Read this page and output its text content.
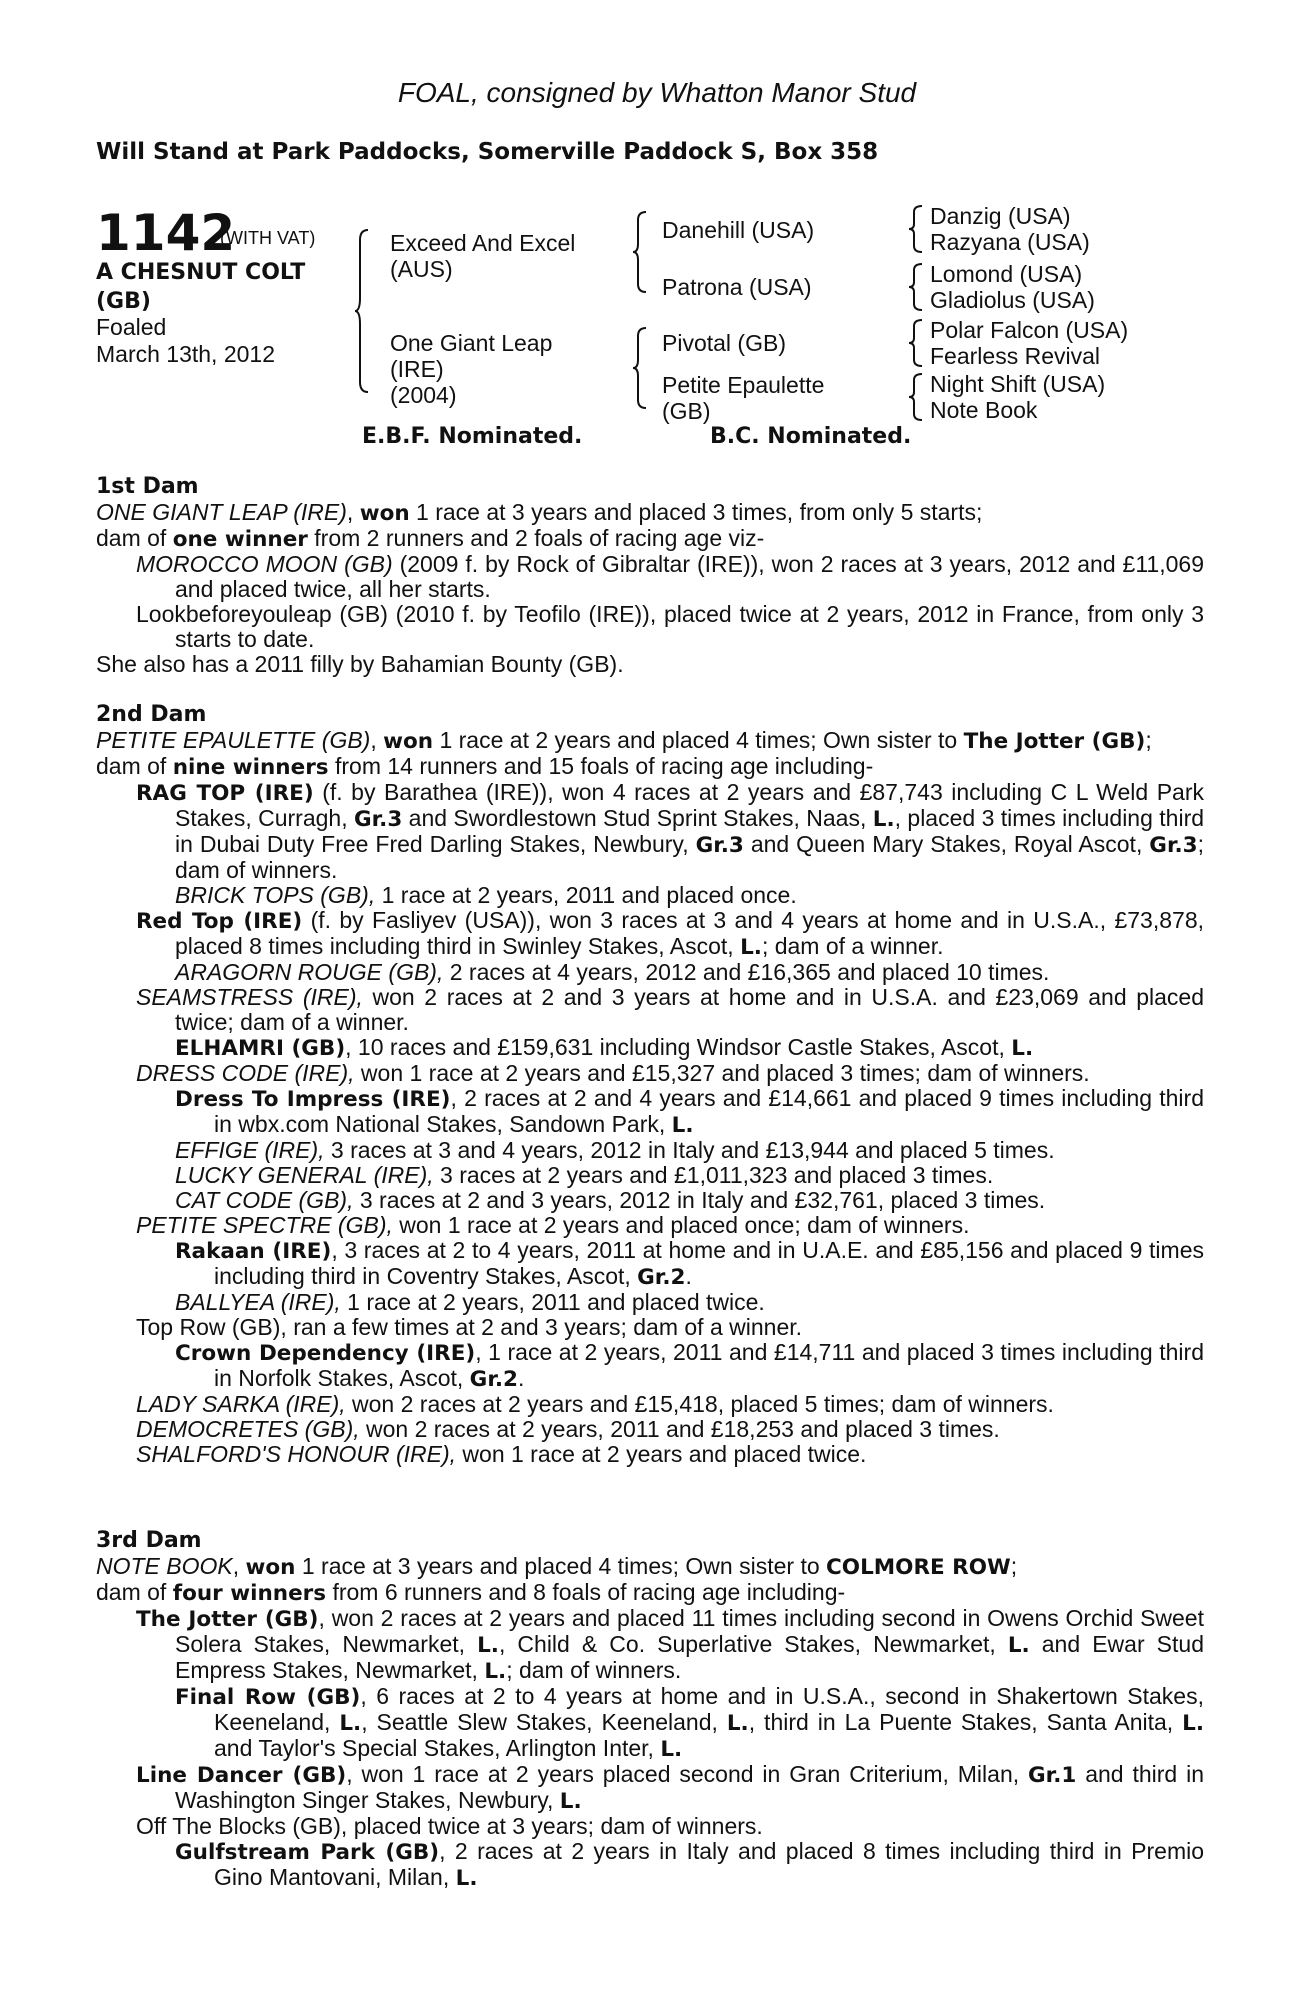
FOAL, consigned by Whatton Manor Stud
Will Stand at Park Paddocks, Somerville Paddock S, Box 358
1142
(WITH VAT)
A CHESNUT COLT
(GB)
Foaled
March 13th, 2012
Exceed And Excel
(AUS)
One Giant Leap
(IRE)
(2004)
Danehill (USA)
Patrona (USA)
Pivotal (GB)
Petite Epaulette
(GB)
Danzig (USA)
Razyana (USA)
Lomond (USA)
Gladiolus (USA)
Polar Falcon (USA)
Fearless Revival
Night Shift (USA)
Note Book
E.B.F. Nominated.	B.C. Nominated.
1st Dam
ONE GIANT LEAP (IRE), won 1 race at 3 years and placed 3 times, from only 5 starts;
dam of one winner from 2 runners and 2 foals of racing age viz-
MOROCCO MOON (GB) (2009 f. by Rock of Gibraltar (IRE)), won 2 races at 3 years, 2012 and £11,069 and placed twice, all her starts.
Lookbeforeyouleap (GB) (2010 f. by Teofilo (IRE)), placed twice at 2 years, 2012 in France, from only 3 starts to date.
She also has a 2011 filly by Bahamian Bounty (GB).
2nd Dam
PETITE EPAULETTE (GB), won 1 race at 2 years and placed 4 times; Own sister to The Jotter (GB);
dam of nine winners from 14 runners and 15 foals of racing age including-
RAG TOP (IRE) (f. by Barathea (IRE)), won 4 races at 2 years and £87,743 including C L Weld Park Stakes, Curragh, Gr.3 and Swordlestown Stud Sprint Stakes, Naas, L., placed 3 times including third in Dubai Duty Free Fred Darling Stakes, Newbury, Gr.3 and Queen Mary Stakes, Royal Ascot, Gr.3; dam of winners.
BRICK TOPS (GB), 1 race at 2 years, 2011 and placed once.
Red Top (IRE) (f. by Fasliyev (USA)), won 3 races at 3 and 4 years at home and in U.S.A., £73,878, placed 8 times including third in Swinley Stakes, Ascot, L.; dam of a winner.
ARAGORN ROUGE (GB), 2 races at 4 years, 2012 and £16,365 and placed 10 times.
SEAMSTRESS (IRE), won 2 races at 2 and 3 years at home and in U.S.A. and £23,069 and placed twice; dam of a winner.
ELHAMRI (GB), 10 races and £159,631 including Windsor Castle Stakes, Ascot, L.
DRESS CODE (IRE), won 1 race at 2 years and £15,327 and placed 3 times; dam of winners.
Dress To Impress (IRE), 2 races at 2 and 4 years and £14,661 and placed 9 times including third in wbx.com National Stakes, Sandown Park, L.
EFFIGE (IRE), 3 races at 3 and 4 years, 2012 in Italy and £13,944 and placed 5 times.
LUCKY GENERAL (IRE), 3 races at 2 years and £1,011,323 and placed 3 times.
CAT CODE (GB), 3 races at 2 and 3 years, 2012 in Italy and £32,761, placed 3 times.
PETITE SPECTRE (GB), won 1 race at 2 years and placed once; dam of winners.
Rakaan (IRE), 3 races at 2 to 4 years, 2011 at home and in U.A.E. and £85,156 and placed 9 times including third in Coventry Stakes, Ascot, Gr.2.
BALLYEA (IRE), 1 race at 2 years, 2011 and placed twice.
Top Row (GB), ran a few times at 2 and 3 years; dam of a winner.
Crown Dependency (IRE), 1 race at 2 years, 2011 and £14,711 and placed 3 times including third in Norfolk Stakes, Ascot, Gr.2.
LADY SARKA (IRE), won 2 races at 2 years and £15,418, placed 5 times; dam of winners.
DEMOCRETES (GB), won 2 races at 2 years, 2011 and £18,253 and placed 3 times.
SHALFORD'S HONOUR (IRE), won 1 race at 2 years and placed twice.
3rd Dam
NOTE BOOK, won 1 race at 3 years and placed 4 times; Own sister to COLMORE ROW;
dam of four winners from 6 runners and 8 foals of racing age including-
The Jotter (GB), won 2 races at 2 years and placed 11 times including second in Owens Orchid Sweet Solera Stakes, Newmarket, L., Child & Co. Superlative Stakes, Newmarket, L. and Ewar Stud Empress Stakes, Newmarket, L.; dam of winners.
Final Row (GB), 6 races at 2 to 4 years at home and in U.S.A., second in Shakertown Stakes, Keeneland, L., Seattle Slew Stakes, Keeneland, L., third in La Puente Stakes, Santa Anita, L. and Taylor's Special Stakes, Arlington Inter, L.
Line Dancer (GB), won 1 race at 2 years placed second in Gran Criterium, Milan, Gr.1 and third in Washington Singer Stakes, Newbury, L.
Off The Blocks (GB), placed twice at 3 years; dam of winners.
Gulfstream Park (GB), 2 races at 2 years in Italy and placed 8 times including third in Premio Gino Mantovani, Milan, L.
